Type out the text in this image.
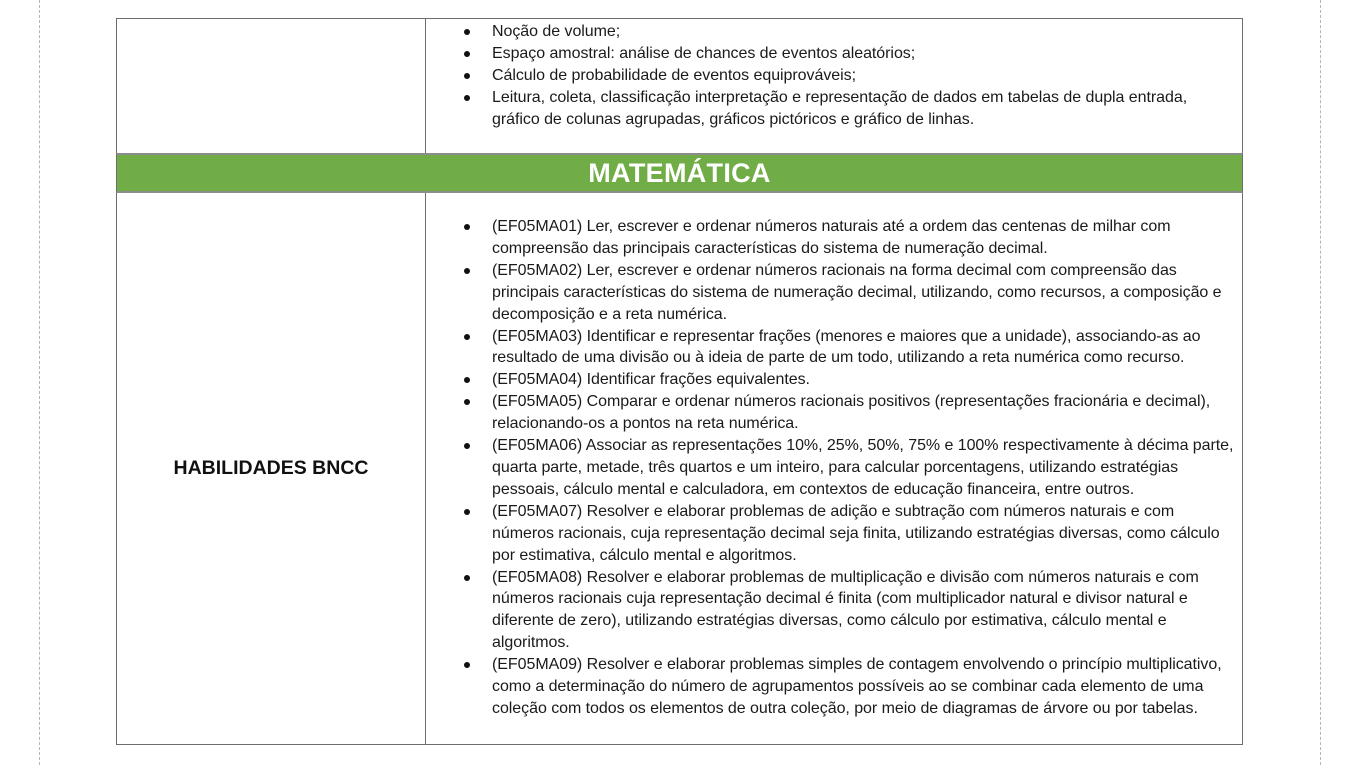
Noção de volume;
Espaço amostral: análise de chances de eventos aleatórios;
Cálculo de probabilidade de eventos equiprováveis;
Leitura, coleta, classificação interpretação e representação de dados em tabelas de dupla entrada, gráfico de colunas agrupadas, gráficos pictóricos e gráfico de linhas.
MATEMÁTICA
HABILIDADES BNCC
(EF05MA01) Ler, escrever e ordenar números naturais até a ordem das centenas de milhar com compreensão das principais características do sistema de numeração decimal.
(EF05MA02) Ler, escrever e ordenar números racionais na forma decimal com compreensão das principais características do sistema de numeração decimal, utilizando, como recursos, a composição e decomposição e a reta numérica.
(EF05MA03) Identificar e representar frações (menores e maiores que a unidade), associando-as ao resultado de uma divisão ou à ideia de parte de um todo, utilizando a reta numérica como recurso.
(EF05MA04) Identificar frações equivalentes.
(EF05MA05) Comparar e ordenar números racionais positivos (representações fracionária e decimal), relacionando-os a pontos na reta numérica.
(EF05MA06) Associar as representações 10%, 25%, 50%, 75% e 100% respectivamente à décima parte, quarta parte, metade, três quartos e um inteiro, para calcular porcentagens, utilizando estratégias pessoais, cálculo mental e calculadora, em contextos de educação financeira, entre outros.
(EF05MA07) Resolver e elaborar problemas de adição e subtração com números naturais e com números racionais, cuja representação decimal seja finita, utilizando estratégias diversas, como cálculo por estimativa, cálculo mental e algoritmos.
(EF05MA08) Resolver e elaborar problemas de multiplicação e divisão com números naturais e com números racionais cuja representação decimal é finita (com multiplicador natural e divisor natural e diferente de zero), utilizando estratégias diversas, como cálculo por estimativa, cálculo mental e algoritmos.
(EF05MA09) Resolver e elaborar problemas simples de contagem envolvendo o princípio multiplicativo, como a determinação do número de agrupamentos possíveis ao se combinar cada elemento de uma coleção com todos os elementos de outra coleção, por meio de diagramas de árvore ou por tabelas.
